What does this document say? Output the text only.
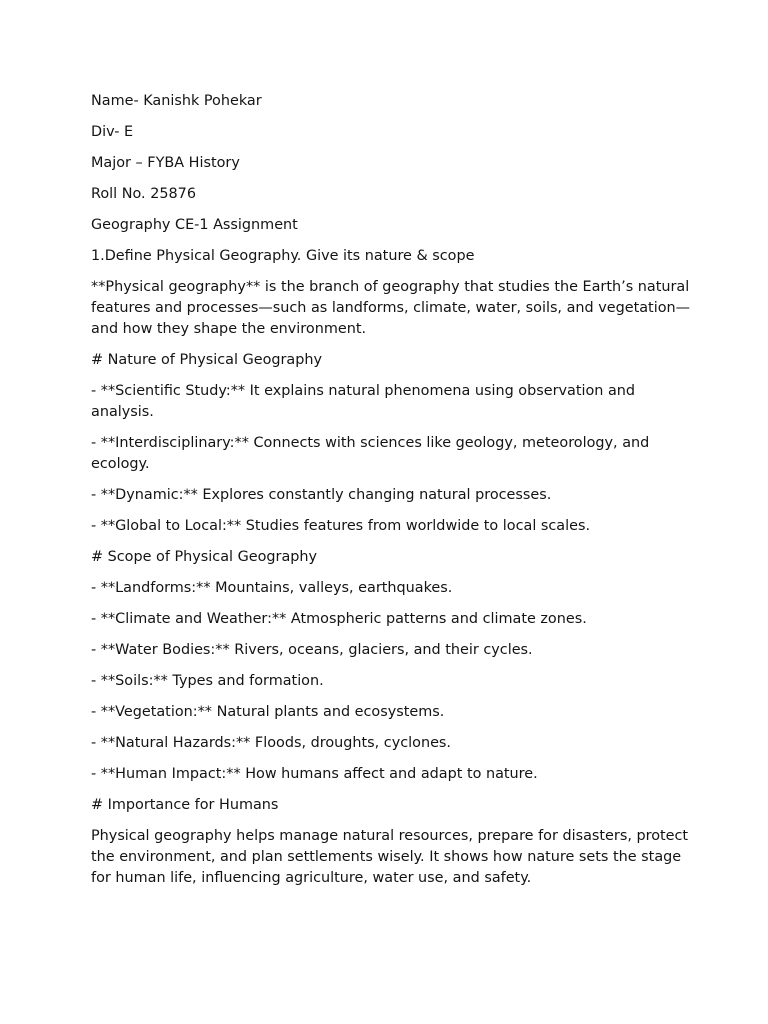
Name- Kanishk Pohekar

Div- E

Major – FYBA History

Roll No. 25876

Geography CE-1 Assignment

1.Define Physical Geography. Give its nature & scope

**Physical geography** is the branch of geography that studies the Earth’s natural features and processes—such as landforms, climate, water, soils, and vegetation—and how they shape the environment.

# Nature of Physical Geography

- **Scientific Study:** It explains natural phenomena using observation and analysis.

- **Interdisciplinary:** Connects with sciences like geology, meteorology, and ecology.

- **Dynamic:** Explores constantly changing natural processes.

- **Global to Local:** Studies features from worldwide to local scales.

# Scope of Physical Geography

- **Landforms:** Mountains, valleys, earthquakes.

- **Climate and Weather:** Atmospheric patterns and climate zones.

- **Water Bodies:** Rivers, oceans, glaciers, and their cycles.

- **Soils:** Types and formation.

- **Vegetation:** Natural plants and ecosystems.

- **Natural Hazards:** Floods, droughts, cyclones.

- **Human Impact:** How humans affect and adapt to nature.

# Importance for Humans

Physical geography helps manage natural resources, prepare for disasters, protect the environment, and plan settlements wisely. It shows how nature sets the stage for human life, influencing agriculture, water use, and safety.
